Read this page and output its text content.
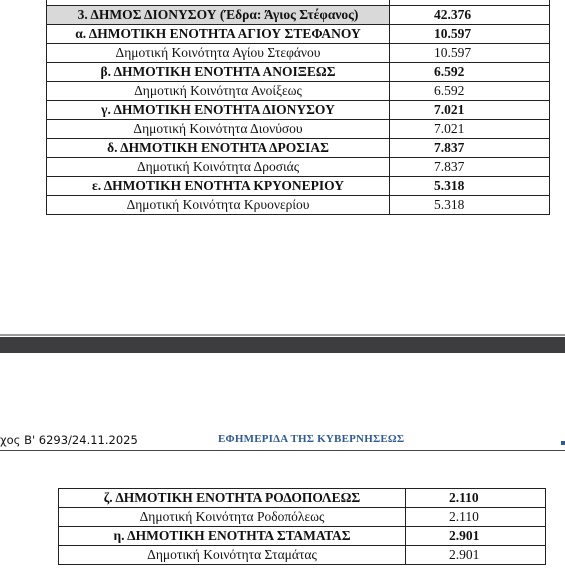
3. ΔΗΜΟΣ ΔΙΟΝΥΣΟΥ (Έδρα: Άγιος Στέφανος)	42.376
α. ΔΗΜΟΤΙΚΗ ΕΝΟΤΗΤΑ ΑΓΙΟΥ ΣΤΕΦΑΝΟΥ	10.597
Δημοτική Κοινότητα Αγίου Στεφάνου	10.597
β. ΔΗΜΟΤΙΚΗ ΕΝΟΤΗΤΑ ΑΝΟΙΞΕΩΣ	6.592
Δημοτική Κοινότητα Ανοίξεως	6.592
γ. ΔΗΜΟΤΙΚΗ ΕΝΟΤΗΤΑ ΔΙΟΝΥΣΟΥ	7.021
Δημοτική Κοινότητα Διονύσου	7.021
δ. ΔΗΜΟΤΙΚΗ ΕΝΟΤΗΤΑ ΔΡΟΣΙΑΣ	7.837
Δημοτική Κοινότητα Δροσιάς	7.837
ε. ΔΗΜΟΤΙΚΗ ΕΝΟΤΗΤΑ ΚΡΥΟΝΕΡΙΟΥ	5.318
Δημοτική Κοινότητα Κρυονερίου	5.318
χος Β' 6293/24.11.2025	ΕΦΗΜΕΡΙΔΑ ΤΗΣ ΚΥΒΕΡΝΗΣΕΩΣ
ζ. ΔΗΜΟΤΙΚΗ ΕΝΟΤΗΤΑ ΡΟΔΟΠΟΛΕΩΣ	2.110
Δημοτική Κοινότητα Ροδοπόλεως	2.110
η. ΔΗΜΟΤΙΚΗ ΕΝΟΤΗΤΑ ΣΤΑΜΑΤΑΣ	2.901
Δημοτική Κοινότητα Σταμάτας	2.901
